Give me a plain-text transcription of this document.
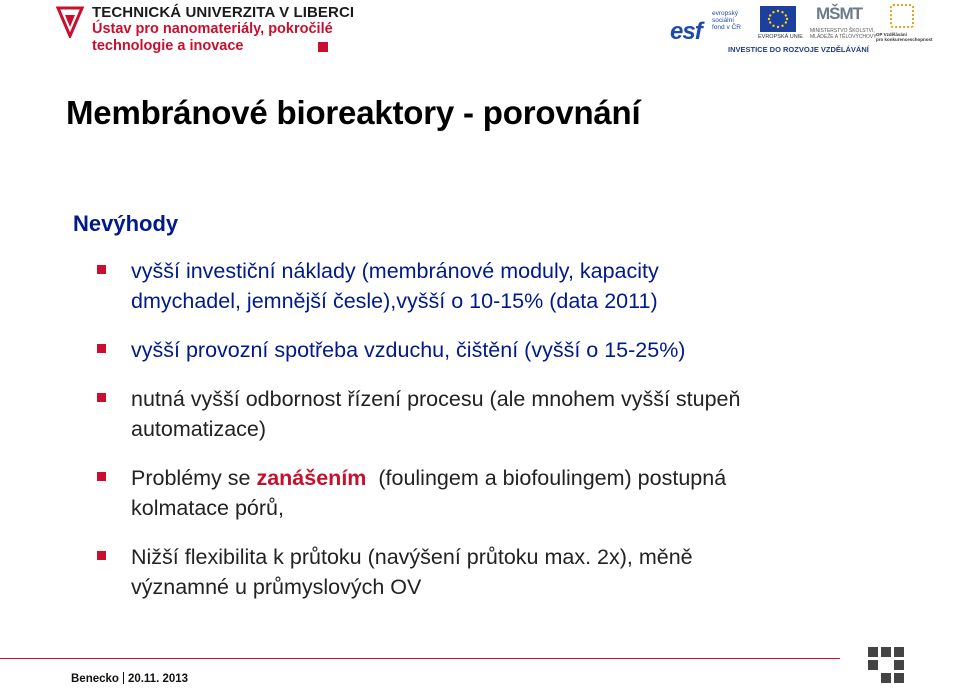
TECHNICKÁ UNIVERZITA V LIBERCI
Ústav pro nanomateriály, pokročilé
technologie a inovace
esf
evropský
sociální
fond v ČR
EVROPSKÁ UNIE
MŠMT
MINISTERSTVO ŠKOLSTVÍ,
MLÁDEŽE A TĚLOVÝCHOVY OP Vzdělávání
pro konkurenceschopnost
INVESTICE DO ROZVOJE VZDĚLÁVÁNÍ
Membránové bioreaktory - porovnání
Nevýhody
vyšší investiční náklady (membránové moduly, kapacity
dmychadel, jemnější česle),vyšší o 10-15% (data 2011)
vyšší provozní spotřeba vzduchu, čištění (vyšší o 15-25%)
nutná vyšší odbornost řízení procesu (ale mnohem vyšší stupeň
automatizace)
Problémy se zanášením  (foulingem a biofoulingem) postupná
kolmatace pórů,
Nižší flexibilita k průtoku (navýšení průtoku max. 2x), měně
významné u průmyslových OV
Benecko 20.11. 2013
